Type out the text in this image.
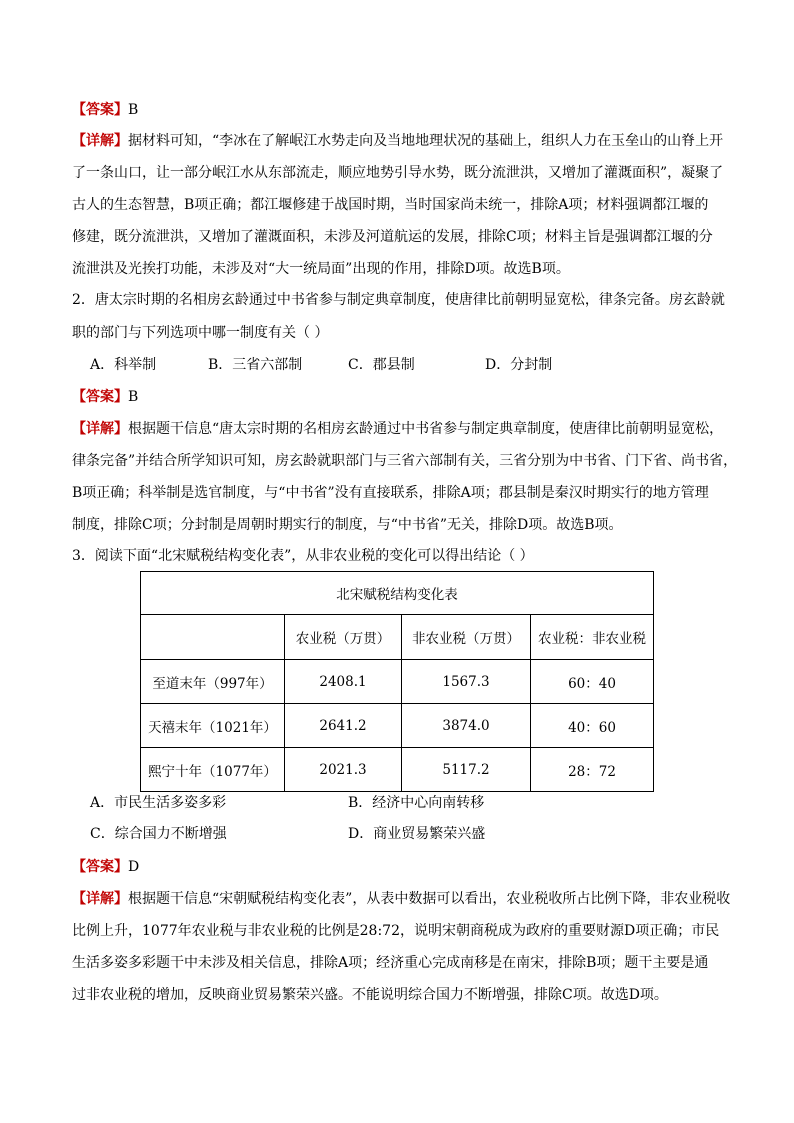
【答案】B
【详解】据材料可知，“李冰在了解岷江水势走向及当地地理状况的基础上，组织人力在玉垒山的山脊上开
了一条山口，让一部分岷江水从东部流走，顺应地势引导水势，既分流泄洪，又增加了灌溉面积”，凝聚了
古人的生态智慧，B项正确；都江堰修建于战国时期，当时国家尚未统一，排除A项；材料强调都江堰的
修建，既分流泄洪，又增加了灌溉面积，未涉及河道航运的发展，排除C项；材料主旨是强调都江堰的分
流泄洪及光挨打功能，未涉及对“大一统局面”出现的作用，排除D项。故选B项。
2．唐太宗时期的名相房玄龄通过中书省参与制定典章制度，使唐律比前朝明显宽松，律条完备。房玄龄就
职的部门与下列选项中哪一制度有关（ ）
A．科举制	B．三省六部制	C．郡县制	D．分封制
【答案】B
【详解】根据题干信息“唐太宗时期的名相房玄龄通过中书省参与制定典章制度，使唐律比前朝明显宽松，
律条完备”并结合所学知识可知，房玄龄就职部门与三省六部制有关，三省分别为中书省、门下省、尚书省，
B项正确；科举制是选官制度，与“中书省”没有直接联系，排除A项；郡县制是秦汉时期实行的地方管理
制度，排除C项；分封制是周朝时期实行的制度，与“中书省”无关，排除D项。故选B项。
3．阅读下面“北宋赋税结构变化表”，从非农业税的变化可以得出结论（ ）
北宋赋税结构变化表			
	农业税（万贯）	非农业税（万贯）	农业税：非农业税
至道末年（997年）	2408.1	1567.3	60：40
天禧末年（1021年）	2641.2	3874.0	40：60
熙宁十年（1077年）	2021.3	5117.2	28：72
A．市民生活多姿多彩	B．经济中心向南转移
C．综合国力不断增强	D．商业贸易繁荣兴盛
【答案】D
【详解】根据题干信息“宋朝赋税结构变化表”，从表中数据可以看出，农业税收所占比例下降，非农业税收
比例上升，1077年农业税与非农业税的比例是28:72，说明宋朝商税成为政府的重要财源D项正确；市民
生活多姿多彩题干中未涉及相关信息，排除A项；经济重心完成南移是在南宋，排除B项；题干主要是通
过非农业税的增加，反映商业贸易繁荣兴盛。不能说明综合国力不断增强，排除C项。故选D项。
